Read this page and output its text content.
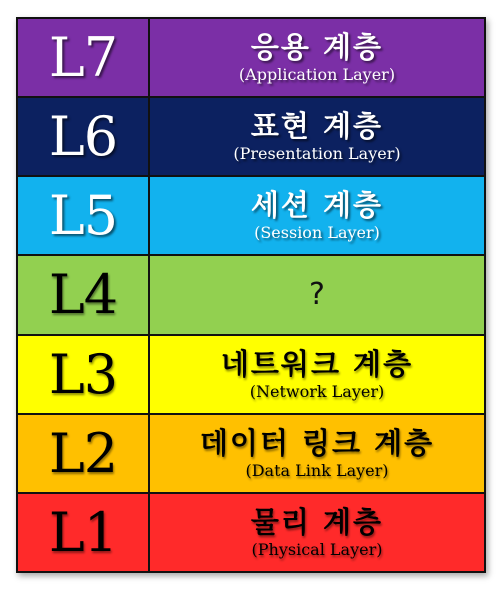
L7	응용 계층
(Application Layer)
L6	표현 계층
(Presentation Layer)
L5	세션 계층
(Session Layer)
L4	?
L3	네트워크 계층
(Network Layer)
L2	데이터 링크 계층
(Data Link Layer)
L1	물리 계층
(Physical Layer)
